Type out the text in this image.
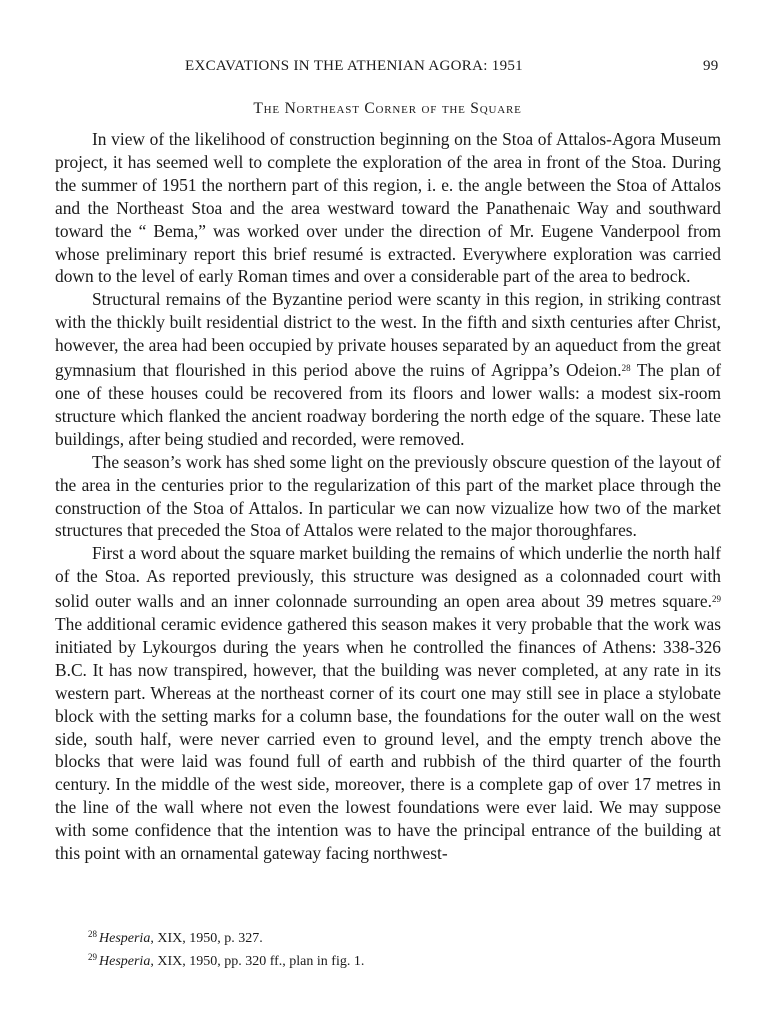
EXCAVATIONS IN THE ATHENIAN AGORA: 1951	99
The Northeast Corner of the Square

In view of the likelihood of construction beginning on the Stoa of Attalos-Agora Museum project, it has seemed well to complete the exploration of the area in front of the Stoa. During the summer of 1951 the northern part of this region, i. e. the angle between the Stoa of Attalos and the Northeast Stoa and the area westward toward the Panathenaic Way and southward toward the “ Bema,” was worked over under the direction of Mr. Eugene Vanderpool from whose preliminary report this brief resumé is extracted. Everywhere exploration was carried down to the level of early Roman times and over a considerable part of the area to bedrock.

Structural remains of the Byzantine period were scanty in this region, in striking contrast with the thickly built residential district to the west. In the fifth and sixth centuries after Christ, however, the area had been occupied by private houses separated by an aqueduct from the great gymnasium that flourished in this period above the ruins of Agrippa’s Odeion.$^{28}$ The plan of one of these houses could be recovered from its floors and lower walls: a modest six-room structure which flanked the ancient roadway bordering the north edge of the square. These late buildings, after being studied and recorded, were removed.

The season’s work has shed some light on the previously obscure question of the layout of the area in the centuries prior to the regularization of this part of the market place through the construction of the Stoa of Attalos. In particular we can now vizualize how two of the market structures that preceded the Stoa of Attalos were related to the major thoroughfares.

First a word about the square market building the remains of which underlie the north half of the Stoa. As reported previously, this structure was designed as a colonnaded court with solid outer walls and an inner colonnade surrounding an open area about 39 metres square.$^{29}$ The additional ceramic evidence gathered this season makes it very probable that the work was initiated by Lykourgos during the years when he controlled the finances of Athens: 338-326 B.C. It has now transpired, however, that the building was never completed, at any rate in its western part. Whereas at the northeast corner of its court one may still see in place a stylobate block with the setting marks for a column base, the foundations for the outer wall on the west side, south half, were never carried even to ground level, and the empty trench above the blocks that were laid was found full of earth and rubbish of the third quarter of the fourth century. In the middle of the west side, moreover, there is a complete gap of over 17 metres in the line of the wall where not even the lowest foundations were ever laid. We may suppose with some confidence that the intention was to have the principal entrance of the building at this point with an ornamental gateway facing northwest-

$^{28}$ Hesperia, XIX, 1950, p. 327.
$^{29}$ Hesperia, XIX, 1950, pp. 320 ff., plan in fig. 1.
